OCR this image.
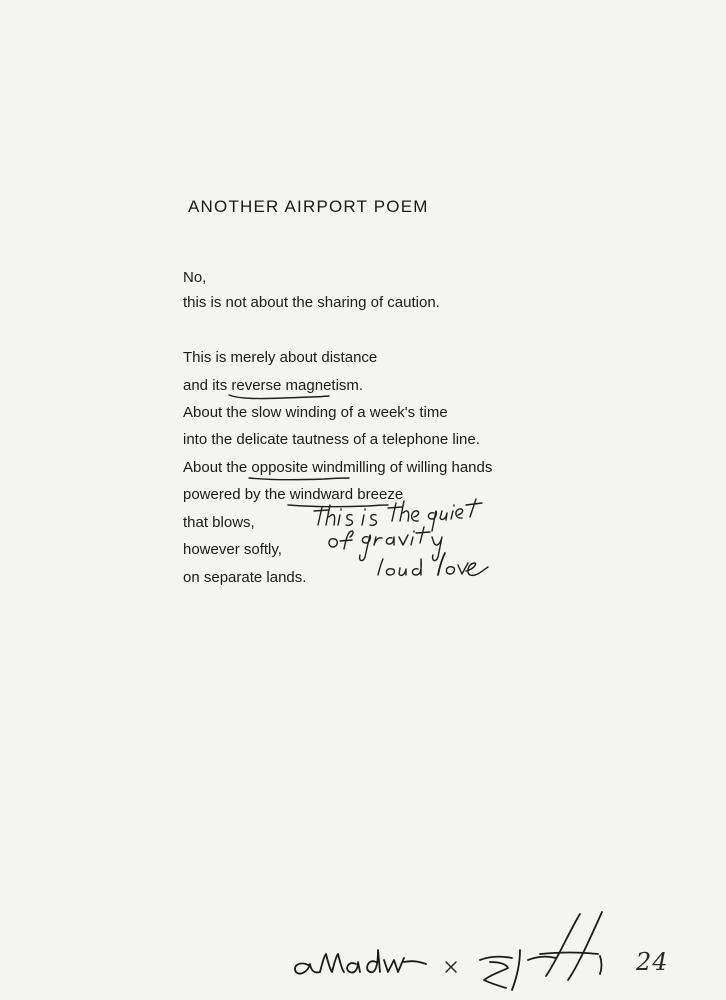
ANOTHER AIRPORT POEM
No,
this is not about the sharing of caution.
This is merely about distance
and its reverse magnetism.
About the slow winding of a week's time
into the delicate tautness of a telephone line.
About the opposite
windmilling of willing hands
powered by the windward
breeze
that blows,
however softly,
on separate lands.
24
